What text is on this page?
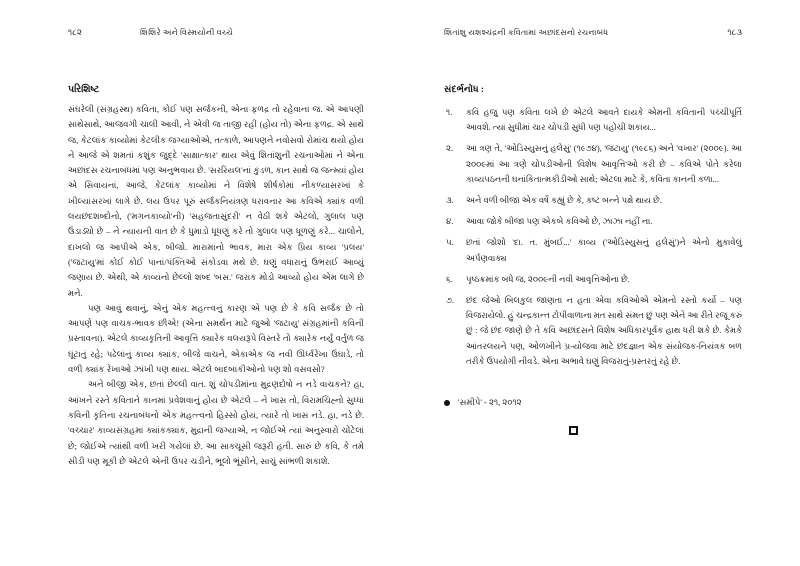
૧૮૨	શિશિરે અને વિસ્મયોની વચ્ચે
પરિશિષ્ટ

સંઘરેલી (સંગ્રહસ્થ) કવિતા, કોઈ પણ સર્જકની, એના ફળદ્ર તો રહેવાના જ. એ આપણી સાથેસાથે, આજવગી ચાલી આવી, ને એવી જ તાજી રહી (હોય તો) એના ફળદ્ર. એ સાથે જ, કેટલાંક કાવ્યોમાં કેટલીક જગ્યાઓએ, તત્કાળે, આપણને નવોસવો રોમાંચ થયો હોય ને આજે એ શમતાં કશુંક જુદ્દે 'સાક્ષાત્કાર' થાય એવું શિતાંશુની રચનાઓમાં ને એના અછાંદસ રચનાબંધમાં પણ અનુભવાય છે. 'સરરિયલ'નાં કુંડળ, કાન સાથે જ જન્મ્યાં હોય એ સિવાયનાં, આજે, કેટલાંક કાવ્યોમાં ને વિશેષે શીર્ષકોમાં નીકળ્યાસરખાં કે ખીલ્યાંસરખાં લાગે છે. લય ઉપર પૂરું સર્જકનિયંત્રણ ધરાવનાર આ કવિએ ક્યાંક વળી લયછંદશબ્દોનો, ('મગનકાવ્યો'ની) 'સહજતાસુંદરી' ન વેઠી શકે એટલો, ગુલાલ પણ ઉડાડ્યો છે – ને ન્યાયની વાત છે કે ધુમાડો ધૂધણું કરે તો ગુલાલ પણ ધૂળણું કરે... ચાલોને, દાખલો જ આપીએ એક, બીજો. મારામાંનો ભાવક, મારા એક પ્રિય કાવ્ય 'પ્રલય' ('જટાયુ'માં કોઈ કોઈ પાનાં/પંક્તિઓ સંકોડવા મથે છે. ઘણું વધારાનું ઉભરાઈ આવ્યું જણાય છે. એથી, એ કાવ્યનો છેલ્લો શબ્દ 'બસ.' જરાક મોડો આવ્યો હોય એમ લાગે છે મને.

પણ આવું થવાનું, એનું એક મહત્ત્વનું કારણ એ પણ છે કે કવિ સર્જક છે તો આપણે પણ વાચક-ભાવક છીએ! (એના સમર્થન માટે જુઓ 'જટાયુ' સંગ્રહમાંની કવિની પ્રસ્તાવના). એટલે કાવ્યકૃતિની આવૃત્તિ ક્યારેક વલયરૂપે વિસ્તરે તો ક્યારેક નર્યું વર્તુળ જ ઘૂંટાતું રહે; પઢેલાંનું કાવ્ય ક્યાંક, બીજે વાચને, એકાએક જ નવી ઊર્ધ્વરેખા ઉઘાડે, તો વળી ક્યાંક રેખાઓ ઝાંખી પણ થાય. એટલે બાદબાકીઓનો પણ શો વસવસો?

અને બીજી એક, છતાં છેલ્લી વાત. શું ચોપડીમાંના મુદ્રણદોષો ન નડે વાચકને? હા, આંખને રસ્તે કવિતાને કાનમાં પ્રવેશવાનું હોય છે એટલે – ને ખાસ તો, વિરામચિહ્નો સુધ્ધાં કવિની કૃતિના રચનાબંધનો એક મહત્ત્વનો હિસ્સો હોય, ત્યારે તો ખાસ નડે. હા, નડે છે. 'વચ્ચાર' કાવ્યસંગ્રહમાં ક્યાંકક્યાંક, મુદ્રાની જગ્યાએ, ન જોઈએ ત્યાં અનુસ્વારો ચોંટેલાં છે; જોઈએ ત્યાંથી વળી ખરી ગયેલાં છે. આ સાક્ચૂસી જરૂરી હતી. સારું છે કવિ, કે તમે સીડી પણ મૂકી છે એટલે એની ઉપર ચડીને, ભૂલો ભૂંસીને, સાચું સાંભળી શકાશે.

શિતાંશુ યશશ્ચંદ્રની કવિતામાં અછાંદસનો રચનાબંધ	૧૮૩
સંદર્ભનોંધ :
૧.	કવિ હજુ પણ કવિતા લખે છે એટલે આવતે દાયકે એમની કવિતાની પચ્ચીપૂર્તિ આવશે. ત્યાં સુધીમાં ચાર ચોપડી સુધી પણ પહોંચી શકાય...
૨.	આ ત્રણ તે, 'ઓડિસ્યુસનું હલેસું' (૧૯૭૪), 'જટાયુ' (૧૯૮૬) અને 'વખાર' (૨૦૦૯). આ ૨૦૦૯માં આ ત્રણે ચોપડીઓની 'વિશેષ આવૃત્તિ'ઓ કરી છે – કવિએ પોતે કરેલા કાવ્યપઠનની ઘનાંકિતાત્મકીડીઓ સાથે; એટલા માટે કે, કવિતા કાનની કળા...
૩.	અને વળી બીજા એક વર્ષે કહ્યું છે કે, કષ્ટ બન્ને પક્ષે થાય છે.
૪.	આવા જોકે બીજા પણ એકબે કવિઓ છે, ઝાઝા નહીં ના.
૫.	છતાં જોશો 'દા. ત. મુંબઈ...' કાવ્ય ('ઓડિસ્યુસનું હલેસું')ને એનો મુકાવેલું અર્પણવાક્ય
૬.	પૃષ્ઠક્રમાંક બધે જ, ૨૦૦૯ની નવી આવૃત્તિઓના છે.
૭.	છંદ જેઓ બિલકુલ જાણતા ન હતા એવા કવિઓએ એમનો રસ્તો કર્યો – પણ વિજરાયેલો. હું ચન્દ્રકાન્ત ટોપીવાળાના મત સાથે સંમત છું પણ એને આ રીતે રજૂ કરું છું : જે છંદ જાણે છે તે કવિ અછાંદસને વિશેષ અધિકારપૂર્વક હાથ ધરી શકે છે. કેમકે આંતરલયને પણ, ઓળખીને પ્ર-યોજવા માટે છંદજ્ઞાન એક સંયોજક-નિયંત્રક બળ તરીકે ઉપયોગી નીવડે. એના અભાવે ઘણું વિજરાતું-પ્રસ્તરતું રહે છે.
'સમીપે' - ૨૧, ૨૦૧૨
